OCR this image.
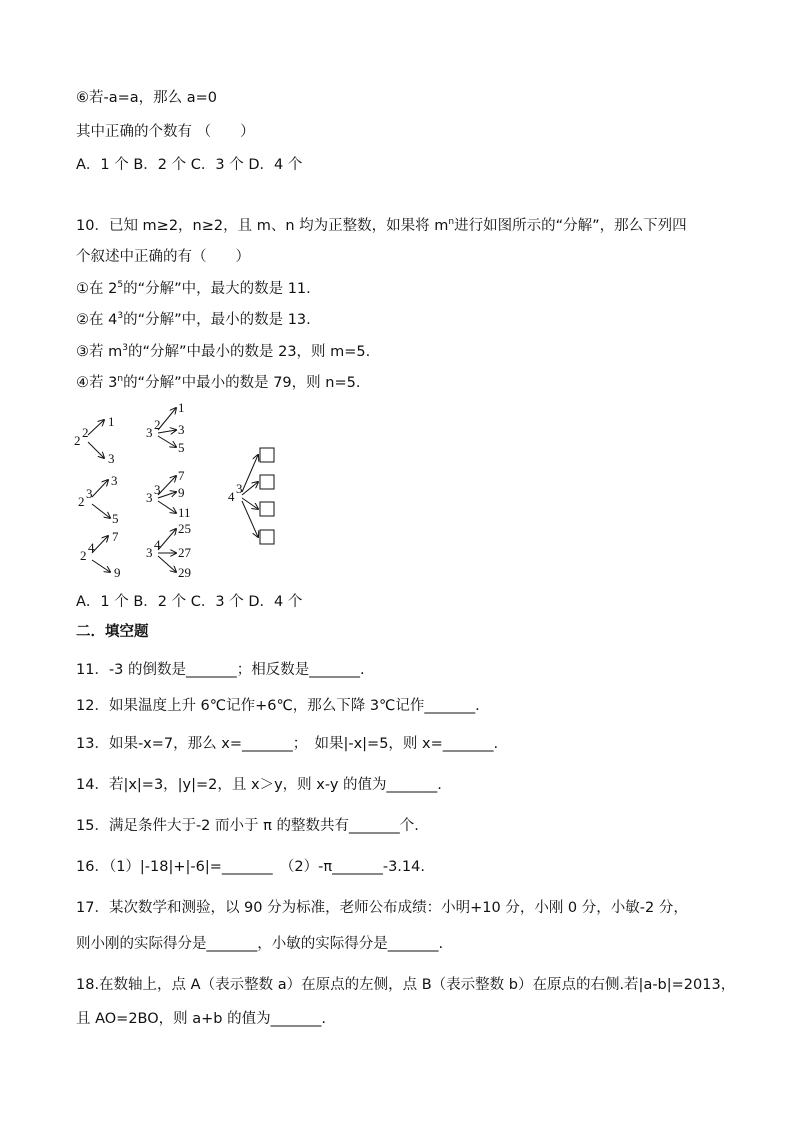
⑥若-a=a，那么 a=0
其中正确的个数有 （　　）
A．1 个 B．2 个 C．3 个 D．4 个
10．已知 m≥2，n≥2，且 m、n 均为正整数，如果将 $m^n$进行如图所示的“分解”，那么下列四
个叙述中正确的有（　　）
①在 $2^5$的“分解”中，最大的数是 11.
②在 $4^3$的“分解”中，最小的数是 13.
③若 $m^3$的“分解”中最小的数是 23，则 m=5.
④若 3$^n$的“分解”中最小的数是 79，则 n=5.
2
2
1
3
2
3
3
5
2
4
7
9
3
2
1
3
5
3
3
7
9
11
3
4
25
27
29
4
3
A．1 个 B．2 个 C．3 个 D．4 个
二．填空题
11．-3 的倒数是_______；相反数是_______.
12．如果温度上升 6℃记作+6℃，那么下降 3℃记作_______.
13．如果-x=7，那么 x=_______；　如果|-x|=5，则 x=_______.
14．若|x|=3，|y|=2，且 x＞y，则 x-y 的值为_______.
15．满足条件大于-2 而小于 π 的整数共有_______个.
16．（1）|-18|+|-6|=_______　（2）-π_______-3.14.
17．某次数学和测验，以 90 分为标准，老师公布成绩：小明+10 分，小刚 0 分，小敏-2 分，
则小刚的实际得分是_______，小敏的实际得分是_______.
18.在数轴上，点 A（表示整数 a）在原点的左侧，点 B（表示整数 b）在原点的右侧.若|a-b|=2013，
且 AO=2BO，则 a+b 的值为_______.
